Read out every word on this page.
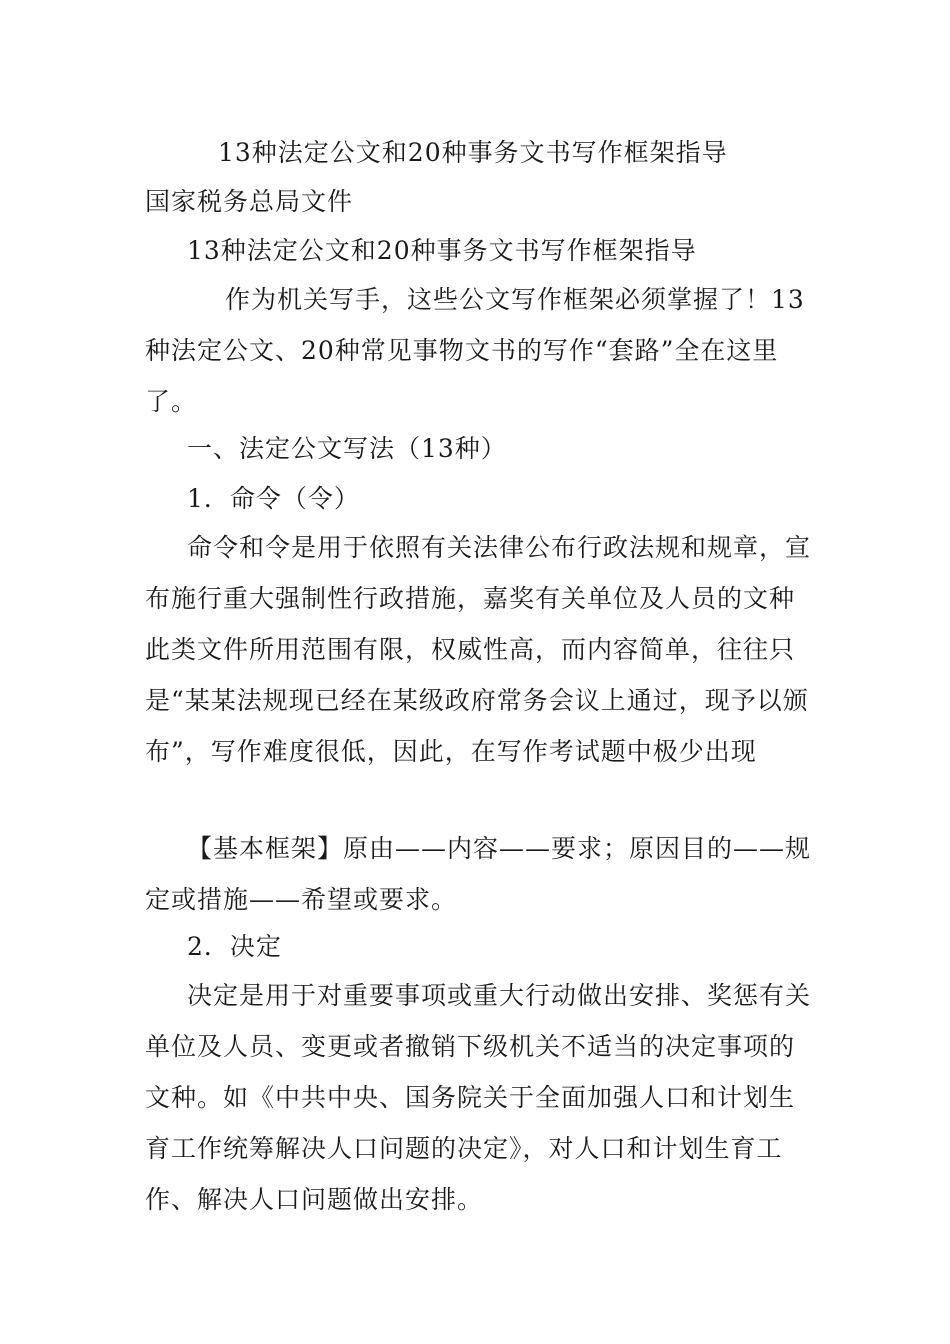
13种法定公文和20种事务文书写作框架指导
国家税务总局文件
13种法定公文和20种事务文书写作框架指导

作为机关写手，这些公文写作框架必须掌握了！13种法定公文、20种常见事物文书的写作“套路”全在这里了。

一、法定公文写法（13种）
1．命令（令）

命令和令是用于依照有关法律公布行政法规和规章，宣布施行重大强制性行政措施，嘉奖有关单位及人员的文种此类文件所用范围有限，权威性高，而内容简单，往往只是“某某法规现已经在某级政府常务会议上通过，现予以颁布”，写作难度很低，因此，在写作考试题中极少出现

【基本框架】原由——内容——要求；原因目的——规定或措施——希望或要求。

2．决定

决定是用于对重要事项或重大行动做出安排、奖惩有关单位及人员、变更或者撤销下级机关不适当的决定事项的文种。如《中共中央、国务院关于全面加强人口和计划生育工作统筹解决人口问题的决定》，对人口和计划生育工作、解决人口问题做出安排。
